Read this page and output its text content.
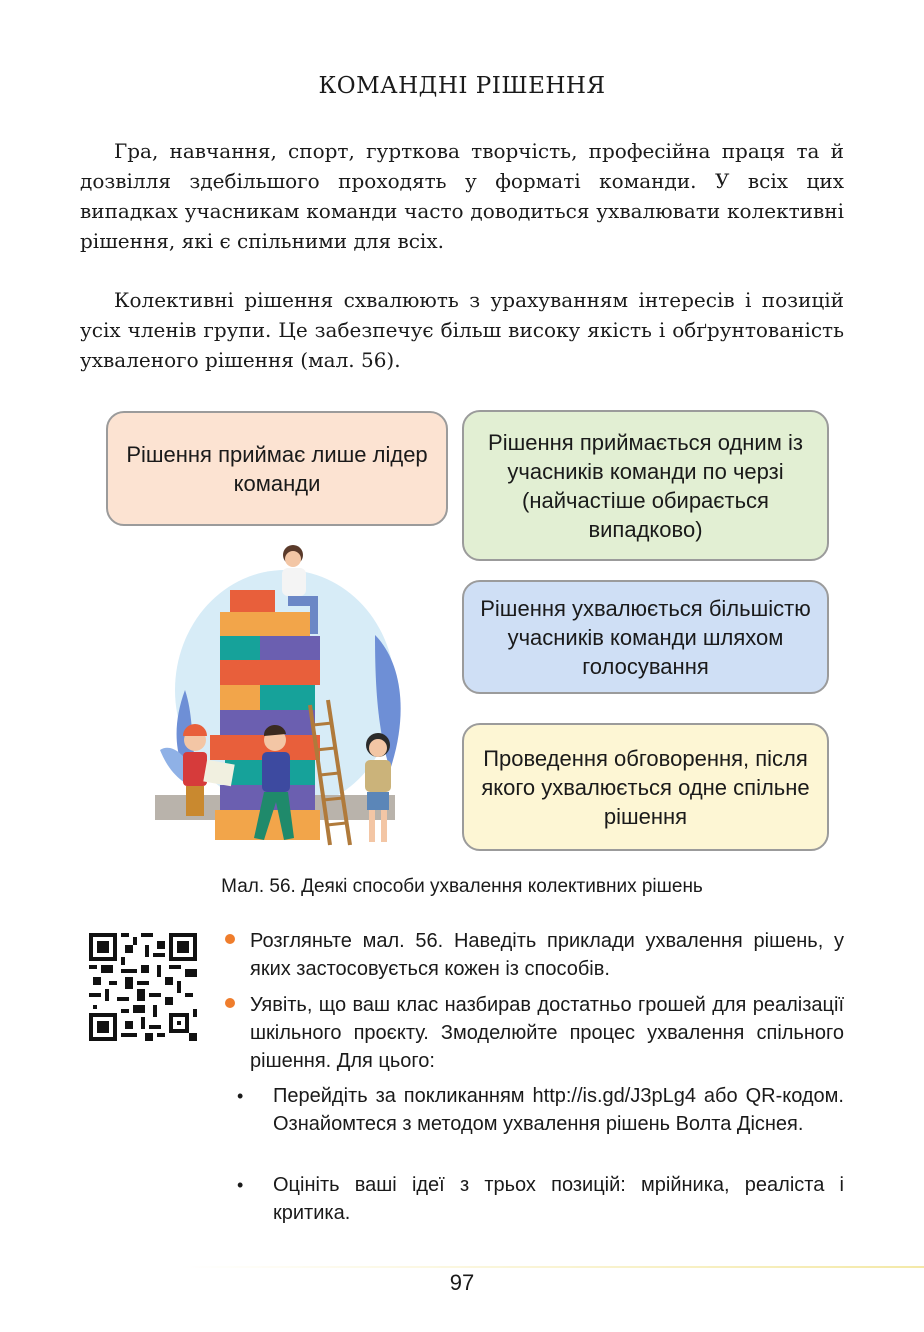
КОМАНДНІ РІШЕННЯ

Гра, навчання, спорт, гурткова творчість, професійна праця та й дозвілля здебільшого проходять у форматі команди. У всіх цих випадках учасникам команди часто доводиться ухвалювати колективні рішення, які є спільними для всіх.

Колективні рішення схвалюють з урахуванням інтересів і позицій усіх членів групи. Це забезпечує більш високу якість і обґрунтованість ухваленого рішення (мал. 56).

Рішення приймає лише лідер команди
Рішення приймається одним із учасників команди по черзі (найчастіше обирається випадково)
Рішення ухвалюється більшістю учасників команди шляхом голосування
Проведення обговорення, після якого ухвалюється одне спільне рішення
Мал. 56. Деякі способи ухвалення колективних рішень
Розгляньте мал. 56. Наведіть приклади ухвалення рішень, у яких застосовується кожен із способів.
Уявіть, що ваш клас назбирав достатньо грошей для реалізації шкільного проєкту. Змоделюйте процес ухвалення спільного рішення. Для цього:
• Перейдіть за покликанням http://is.gd/J3pLg4 або QR-кодом. Ознайомтеся з методом ухвалення рішень Волта Діснея.
• Оцініть ваші ідеї з трьох позицій: мрійника, реаліста і критика.
97
